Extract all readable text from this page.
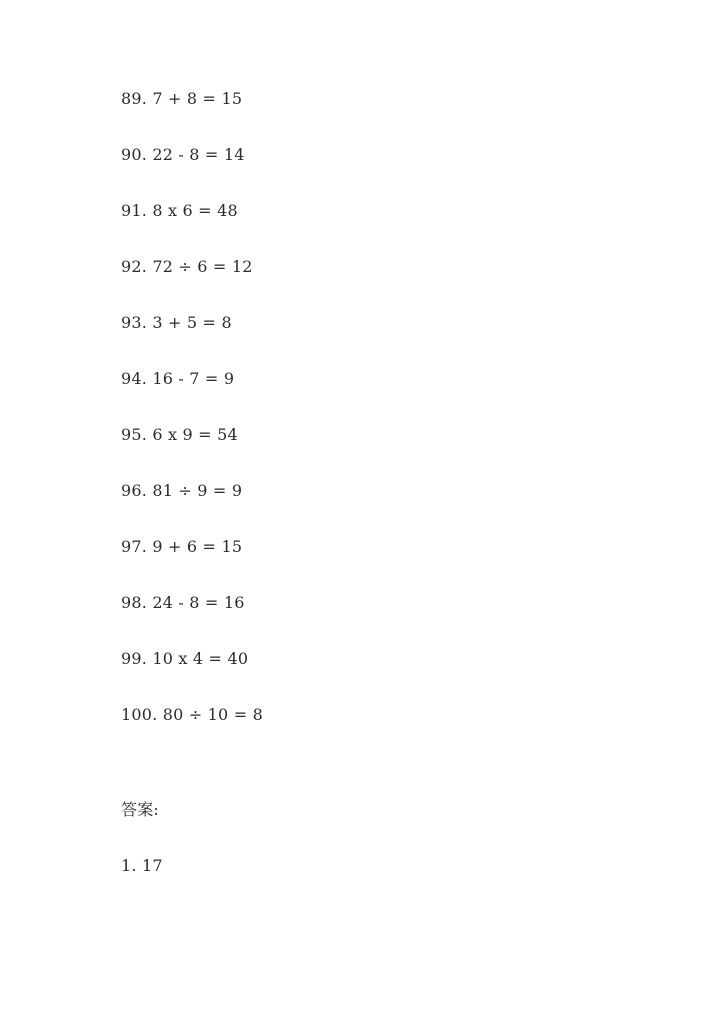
89. 7 + 8 = 15
90. 22 - 8 = 14
91. 8 x 6 = 48
92. 72 ÷ 6 = 12
93. 3 + 5 = 8
94. 16 - 7 = 9
95. 6 x 9 = 54
96. 81 ÷ 9 = 9
97. 9 + 6 = 15
98. 24 - 8 = 16
99. 10 x 4 = 40
100. 80 ÷ 10 = 8
答案:
1. 17
